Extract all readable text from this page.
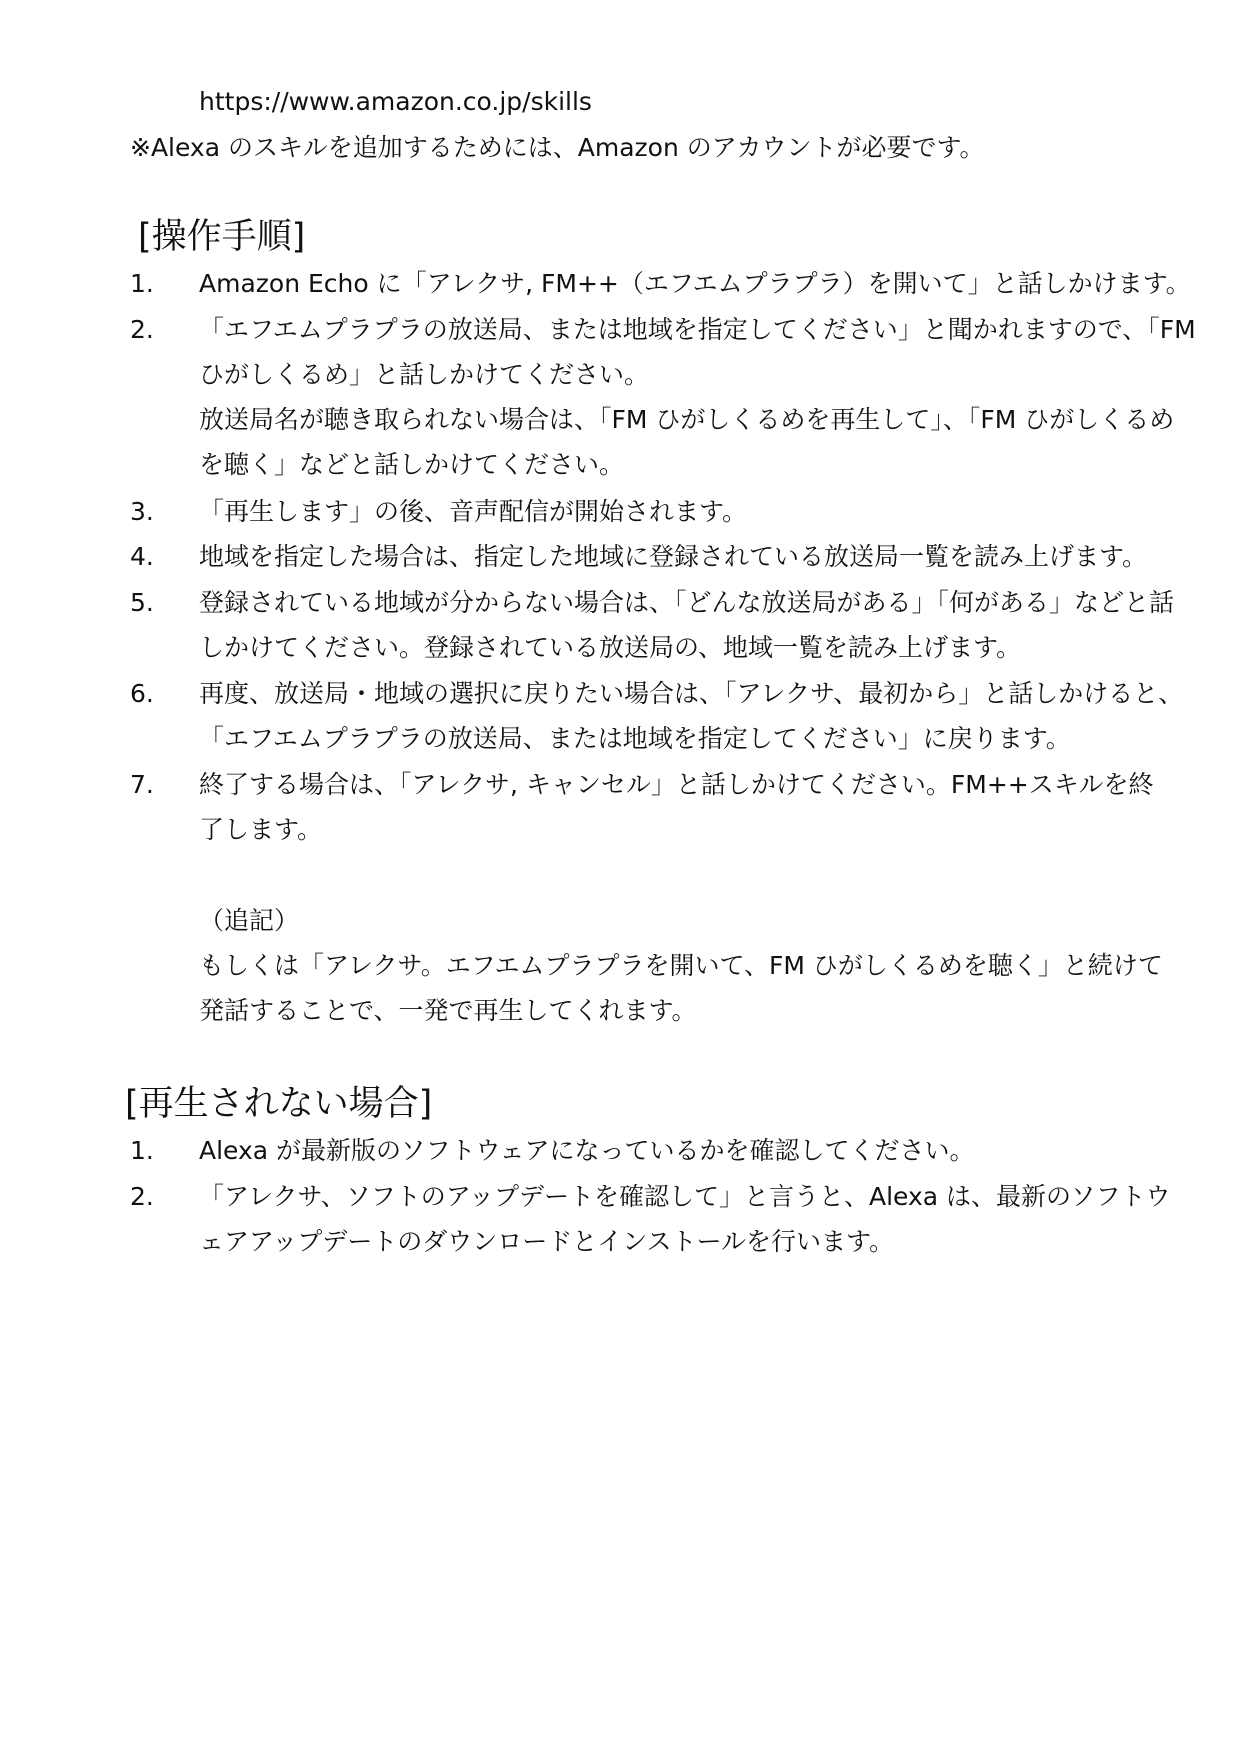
https://www.amazon.co.jp/skills
※Alexa のスキルを追加するためには、Amazon のアカウントが必要です。
[操作手順]
1. Amazon Echo に「アレクサ, FM++（エフエムプラプラ）を開いて」と話しかけます。
2. 「エフエムプラプラの放送局、または地域を指定してください」と聞かれますので、「FM
ひがしくるめ」と話しかけてください。
放送局名が聴き取られない場合は、「FM ひがしくるめを再生して」、「FM ひがしくるめ
を聴く」などと話しかけてください。
3. 「再生します」の後、音声配信が開始されます。
4. 地域を指定した場合は、指定した地域に登録されている放送局一覧を読み上げます。
5. 登録されている地域が分からない場合は、「どんな放送局がある」「何がある」などと話
しかけてください。登録されている放送局の、地域一覧を読み上げます。
6. 再度、放送局・地域の選択に戻りたい場合は、「アレクサ、最初から」と話しかけると、
「エフエムプラプラの放送局、または地域を指定してください」に戻ります。
7. 終了する場合は、「アレクサ, キャンセル」と話しかけてください。FM++スキルを終
了します。
（追記）
もしくは「アレクサ。エフエムプラプラを開いて、FM ひがしくるめを聴く」と続けて
発話することで、一発で再生してくれます。
[再生されない場合]
1. Alexa が最新版のソフトウェアになっているかを確認してください。
2. 「アレクサ、ソフトのアップデートを確認して」と言うと、Alexa は、最新のソフトウ
ェアアップデートのダウンロードとインストールを行います。
